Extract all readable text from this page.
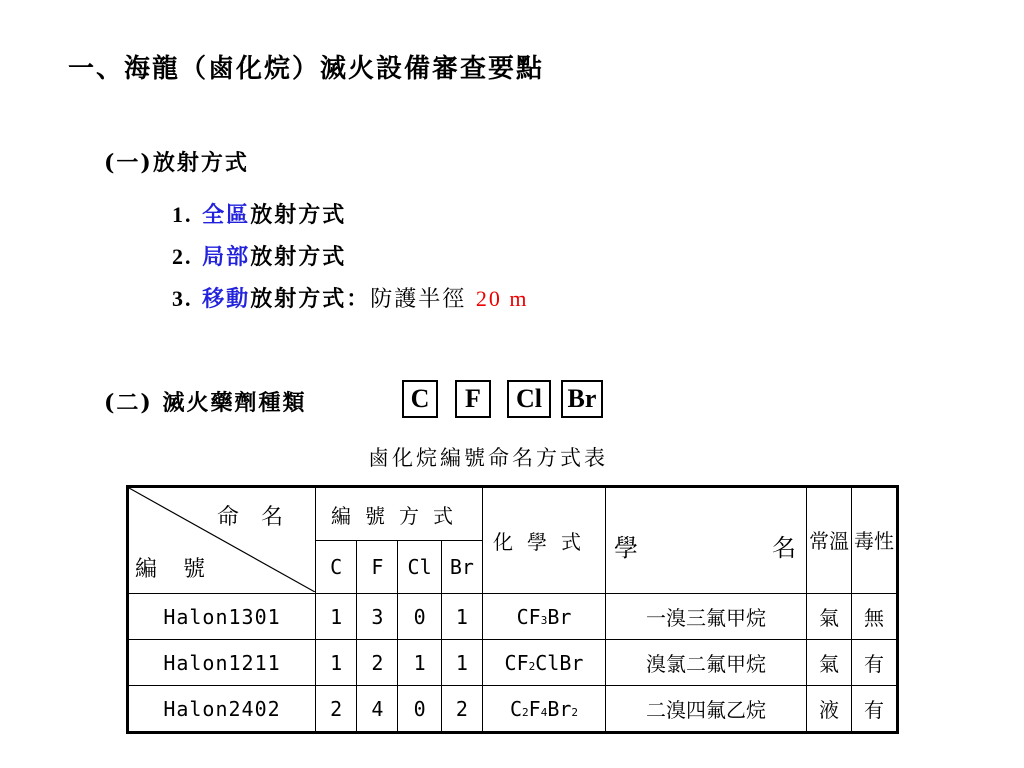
一、海龍（鹵化烷）滅火設備審查要點
(一)放射方式
1. 全區放射方式
2. 局部放射方式
3. 移動放射方式：防護半徑 20 m
(二) 滅火藥劑種類	C	F	Cl Br
鹵化烷編號命名方式表
命名
編號	編號方式				化學式	學 名	常溫	毒性
	C	F	Cl	Br				
Halon1301	1	3	0	1	CF3Br	一溴三氟甲烷	氣	無
Halon1211	1	2	1	1	CF2ClBr	溴氯二氟甲烷	氣	有
Halon2402	2	4	0	2	C2F4Br2	二溴四氟乙烷	液	有
